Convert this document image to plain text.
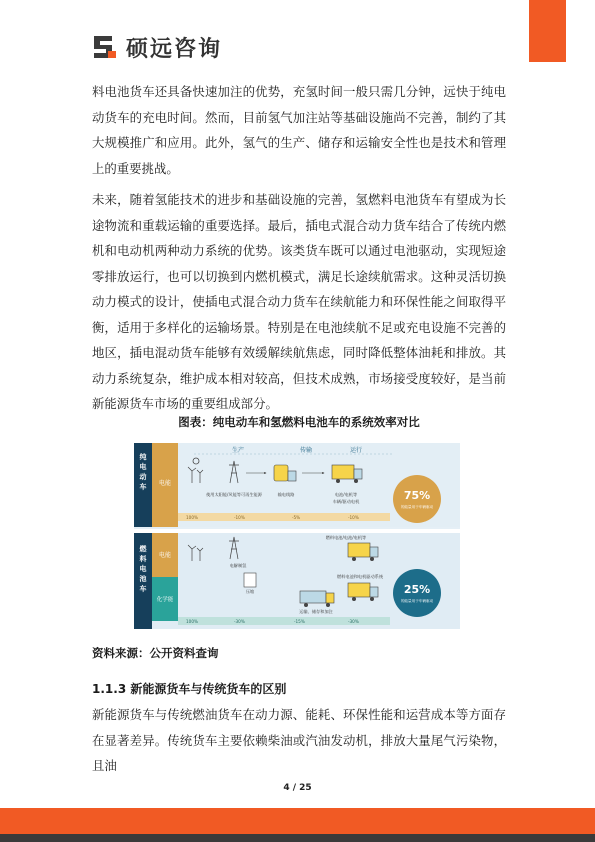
硕远咨询

料电池货车还具备快速加注的优势，充氢时间一般只需几分钟，远快于纯电动货车的充电时间。然而，目前氢气加注站等基础设施尚不完善，制约了其大规模推广和应用。此外，氢气的生产、储存和运输安全性也是技术和管理上的重要挑战。

未来，随着氢能技术的进步和基础设施的完善，氢燃料电池货车有望成为长途物流和重载运输的重要选择。最后，插电式混合动力货车结合了传统内燃机和电动机两种动力系统的优势。该类货车既可以通过电池驱动，实现短途零排放运行，也可以切换到内燃机模式，满足长途续航需求。这种灵活切换动力模式的设计，使插电式混合动力货车在续航能力和环保性能之间取得平衡，适用于多样化的运输场景。特别是在电池续航不足或充电设施不完善的地区，插电混动货车能够有效缓解续航焦虑，同时降低整体油耗和排放。其动力系统复杂，维护成本相对较高，但技术成熟，市场接受度较好，是当前新能源货车市场的重要组成部分。

图表：纯电动车和氢燃料电池车的系统效率对比
纯电动车 电能
生产	传输	运行
使用太阳能/风能等可再生能源	输电线路	电池/电机等
车辆/驱动电机	75%
的能量用于车辆驱动
100%	-10%	-5%	-10%
燃料电池车
电能
化学能
电解制氢
压缩
运输、储存和加注
燃料电池/电池/电机等
燃料电池和电机驱动系统
25%
的能量用于车辆驱动
100%	-30%	-15%	-30%
资料来源：公开资料查询
1.1.3 新能源货车与传统货车的区别

新能源货车与传统燃油货车在动力源、能耗、环保性能和运营成本等方面存在显著差异。传统货车主要依赖柴油或汽油发动机，排放大量尾气污染物，且油

4 / 25
